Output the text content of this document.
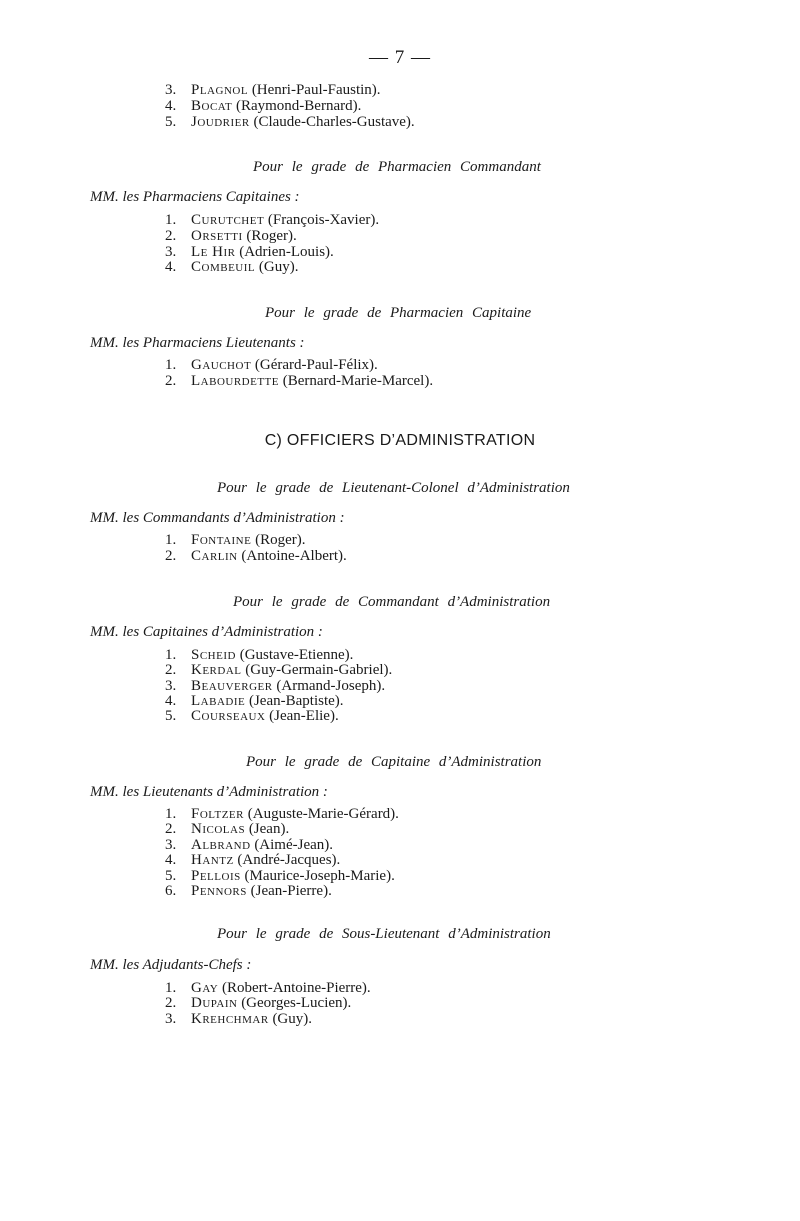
— 7 —
3. Plagnol (Henri-Paul-Faustin).
4. Bocat (Raymond-Bernard).
5. Joudrier (Claude-Charles-Gustave).
Pour le grade de Pharmacien Commandant
MM. les Pharmaciens Capitaines :
1. Curutchet (François-Xavier).
2. Orsetti (Roger).
3. Le Hir (Adrien-Louis).
4. Combeuil (Guy).
Pour le grade de Pharmacien Capitaine
MM. les Pharmaciens Lieutenants :
1. Gauchot (Gérard-Paul-Félix).
2. Labourdette (Bernard-Marie-Marcel).
C) OFFICIERS D’ADMINISTRATION
Pour le grade de Lieutenant-Colonel d’Administration
MM. les Commandants d’Administration :
1. Fontaine (Roger).
2. Carlin (Antoine-Albert).
Pour le grade de Commandant d’Administration
MM. les Capitaines d’Administration :
1. Scheid (Gustave-Etienne).
2. Kerdal (Guy-Germain-Gabriel).
3. Beauverger (Armand-Joseph).
4. Labadie (Jean-Baptiste).
5. Courseaux (Jean-Elie).
Pour le grade de Capitaine d’Administration
MM. les Lieutenants d’Administration :
1. Foltzer (Auguste-Marie-Gérard).
2. Nicolas (Jean).
3. Albrand (Aimé-Jean).
4. Hantz (André-Jacques).
5. Pellois (Maurice-Joseph-Marie).
6. Pennors (Jean-Pierre).
Pour le grade de Sous-Lieutenant d’Administration
MM. les Adjudants-Chefs :
1. Gay (Robert-Antoine-Pierre).
2. Dupain (Georges-Lucien).
3. Krehchmar (Guy).
